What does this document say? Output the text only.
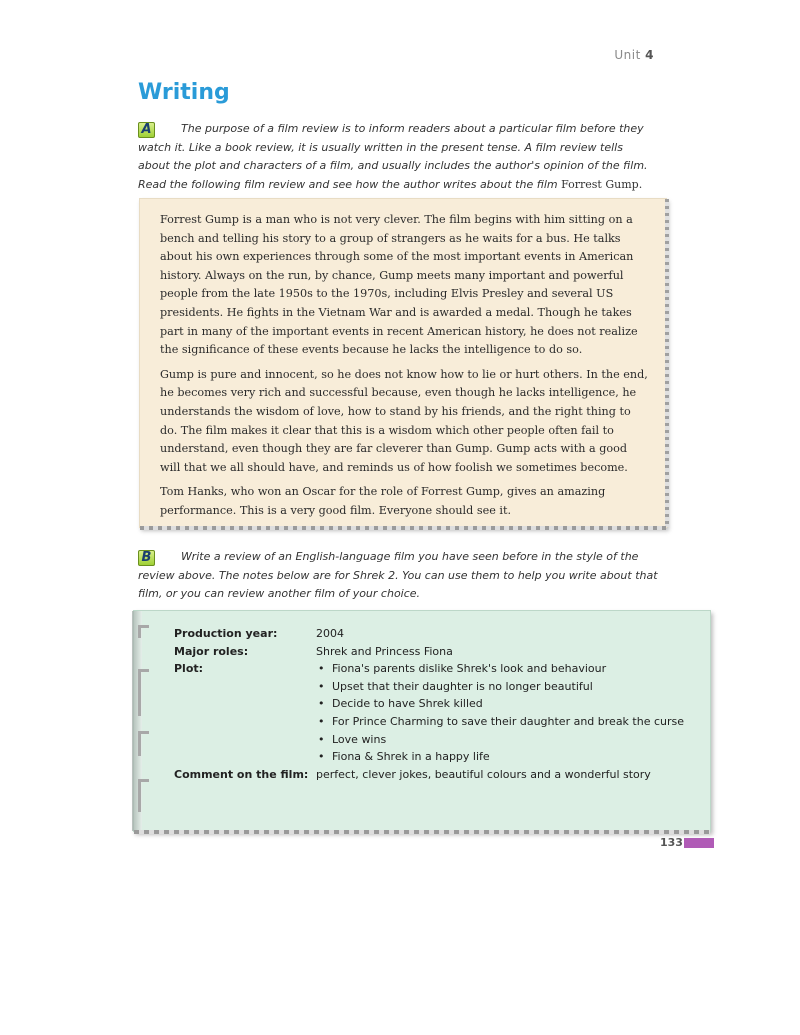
Unit 4
Writing
A	The purpose of a film review is to inform readers about a particular film before they watch it. Like a book review, it is usually written in the present tense. A film review tells about the plot and characters of a film, and usually includes the author's opinion of the film. Read the following film review and see how the author writes about the film Forrest Gump.

Forrest Gump is a man who is not very clever. The film begins with him sitting on a bench and telling his story to a group of strangers as he waits for a bus. He talks about his own experiences through some of the most important events in American history. Always on the run, by chance, Gump meets many important and powerful people from the late 1950s to the 1970s, including Elvis Presley and several US presidents. He fights in the Vietnam War and is awarded a medal. Though he takes part in many of the important events in recent American history, he does not realize the significance of these events because he lacks the intelligence to do so.

Gump is pure and innocent, so he does not know how to lie or hurt others. In the end, he becomes very rich and successful because, even though he lacks intelligence, he understands the wisdom of love, how to stand by his friends, and the right thing to do. The film makes it clear that this is a wisdom which other people often fail to understand, even though they are far cleverer than Gump. Gump acts with a good will that we all should have, and reminds us of how foolish we sometimes become.

Tom Hanks, who won an Oscar for the role of Forrest Gump, gives an amazing performance. This is a very good film. Everyone should see it.

B	Write a review of an English-language film you have seen before in the style of the review above. The notes below are for Shrek 2. You can use them to help you write about that film, or you can review another film of your choice.
Production year:	2004
Major roles:	Shrek and Princess Fiona
Plot:
•	Fiona's parents dislike Shrek's look and behaviour
• Upset that their daughter is no longer beautiful
• Decide to have Shrek killed
• For Prince Charming to save their daughter and break the curse
• Love wins
• Fiona & Shrek in a happy life
Comment on the film: perfect, clever jokes, beautiful colours and a wonderful story
133
